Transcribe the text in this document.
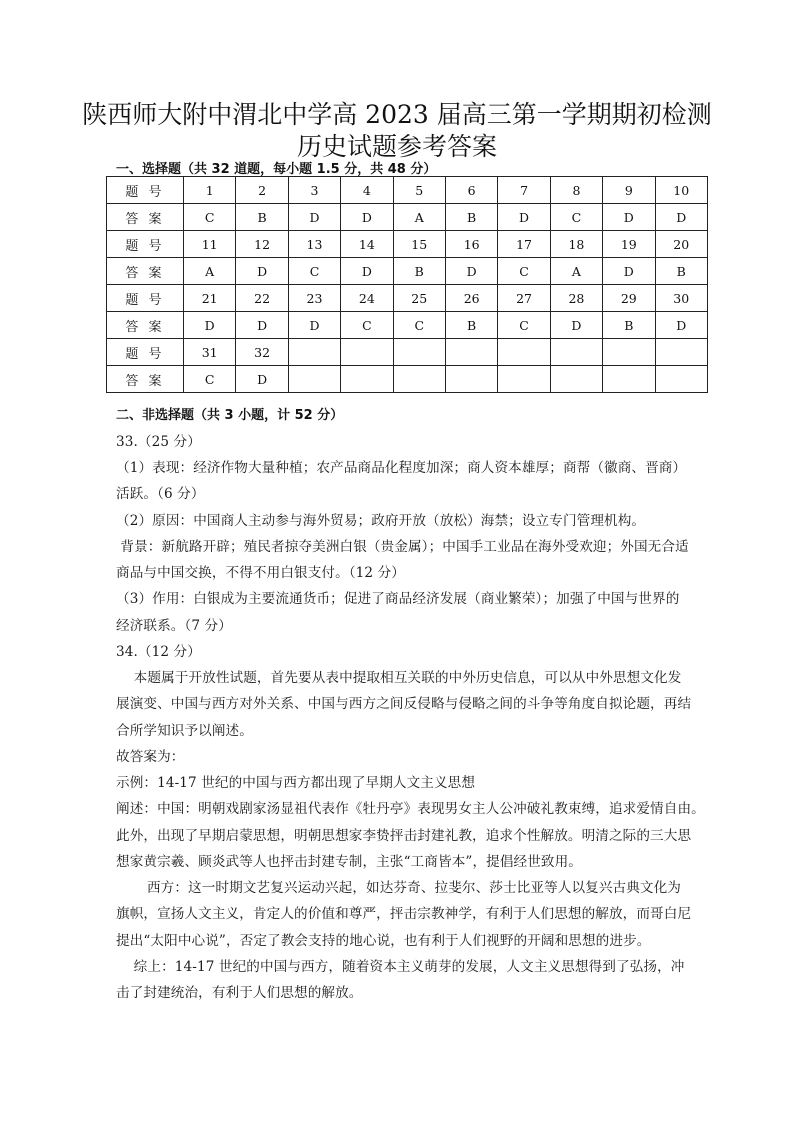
陕西师大附中渭北中学高 2023 届高三第一学期期初检测
历史试题参考答案
一、选择题（共 32 道题，每小题 1.5 分，共 48 分）
题 号	1	2	3	4	5	6	7	8	9	10
答 案	C	B	D	D	A	B	D	C	D	D
题 号	11	12	13	14	15	16	17	18	19	20
答 案	A	D	C	D	B	D	C	A	D	B
题 号	21	22	23	24	25	26	27	28	29	30
答 案	D	D	D	C	C	B	C	D	B	D
题 号	31	32								
答 案	C	D								
二、非选择题（共 3 小题，计 52 分）
33.（25 分）
（1）表现：经济作物大量种植；农产品商品化程度加深；商人资本雄厚；商帮（徽商、晋商）
活跃。（6 分）
（2）原因：中国商人主动参与海外贸易；政府开放（放松）海禁；设立专门管理机构。
背景：新航路开辟；殖民者掠夺美洲白银（贵金属）；中国手工业品在海外受欢迎；外国无合适
商品与中国交换，不得不用白银支付。（12 分）
（3）作用：白银成为主要流通货币；促进了商品经济发展（商业繁荣）；加强了中国与世界的
经济联系。（7 分）
34.（12 分）
本题属于开放性试题，首先要从表中提取相互关联的中外历史信息，可以从中外思想文化发
展演变、中国与西方对外关系、中国与西方之间反侵略与侵略之间的斗争等角度自拟论题，再结
合所学知识予以阐述。
故答案为：
示例：14-17 世纪的中国与西方都出现了早期人文主义思想
阐述：中国：明朝戏剧家汤显祖代表作《牡丹亭》表现男女主人公冲破礼教束缚，追求爱情自由。
此外，出现了早期启蒙思想，明朝思想家李贽抨击封建礼教，追求个性解放。明清之际的三大思
想家黄宗羲、顾炎武等人也抨击封建专制，主张“工商皆本”，提倡经世致用。
西方：这一时期文艺复兴运动兴起，如达芬奇、拉斐尔、莎士比亚等人以复兴古典文化为
旗帜，宣扬人文主义，肯定人的价值和尊严，抨击宗教神学，有利于人们思想的解放，而哥白尼
提出“太阳中心说”，否定了教会支持的地心说，也有利于人们视野的开阔和思想的进步。
综上：14-17 世纪的中国与西方，随着资本主义萌芽的发展，人文主义思想得到了弘扬，冲
击了封建统治，有利于人们思想的解放。
